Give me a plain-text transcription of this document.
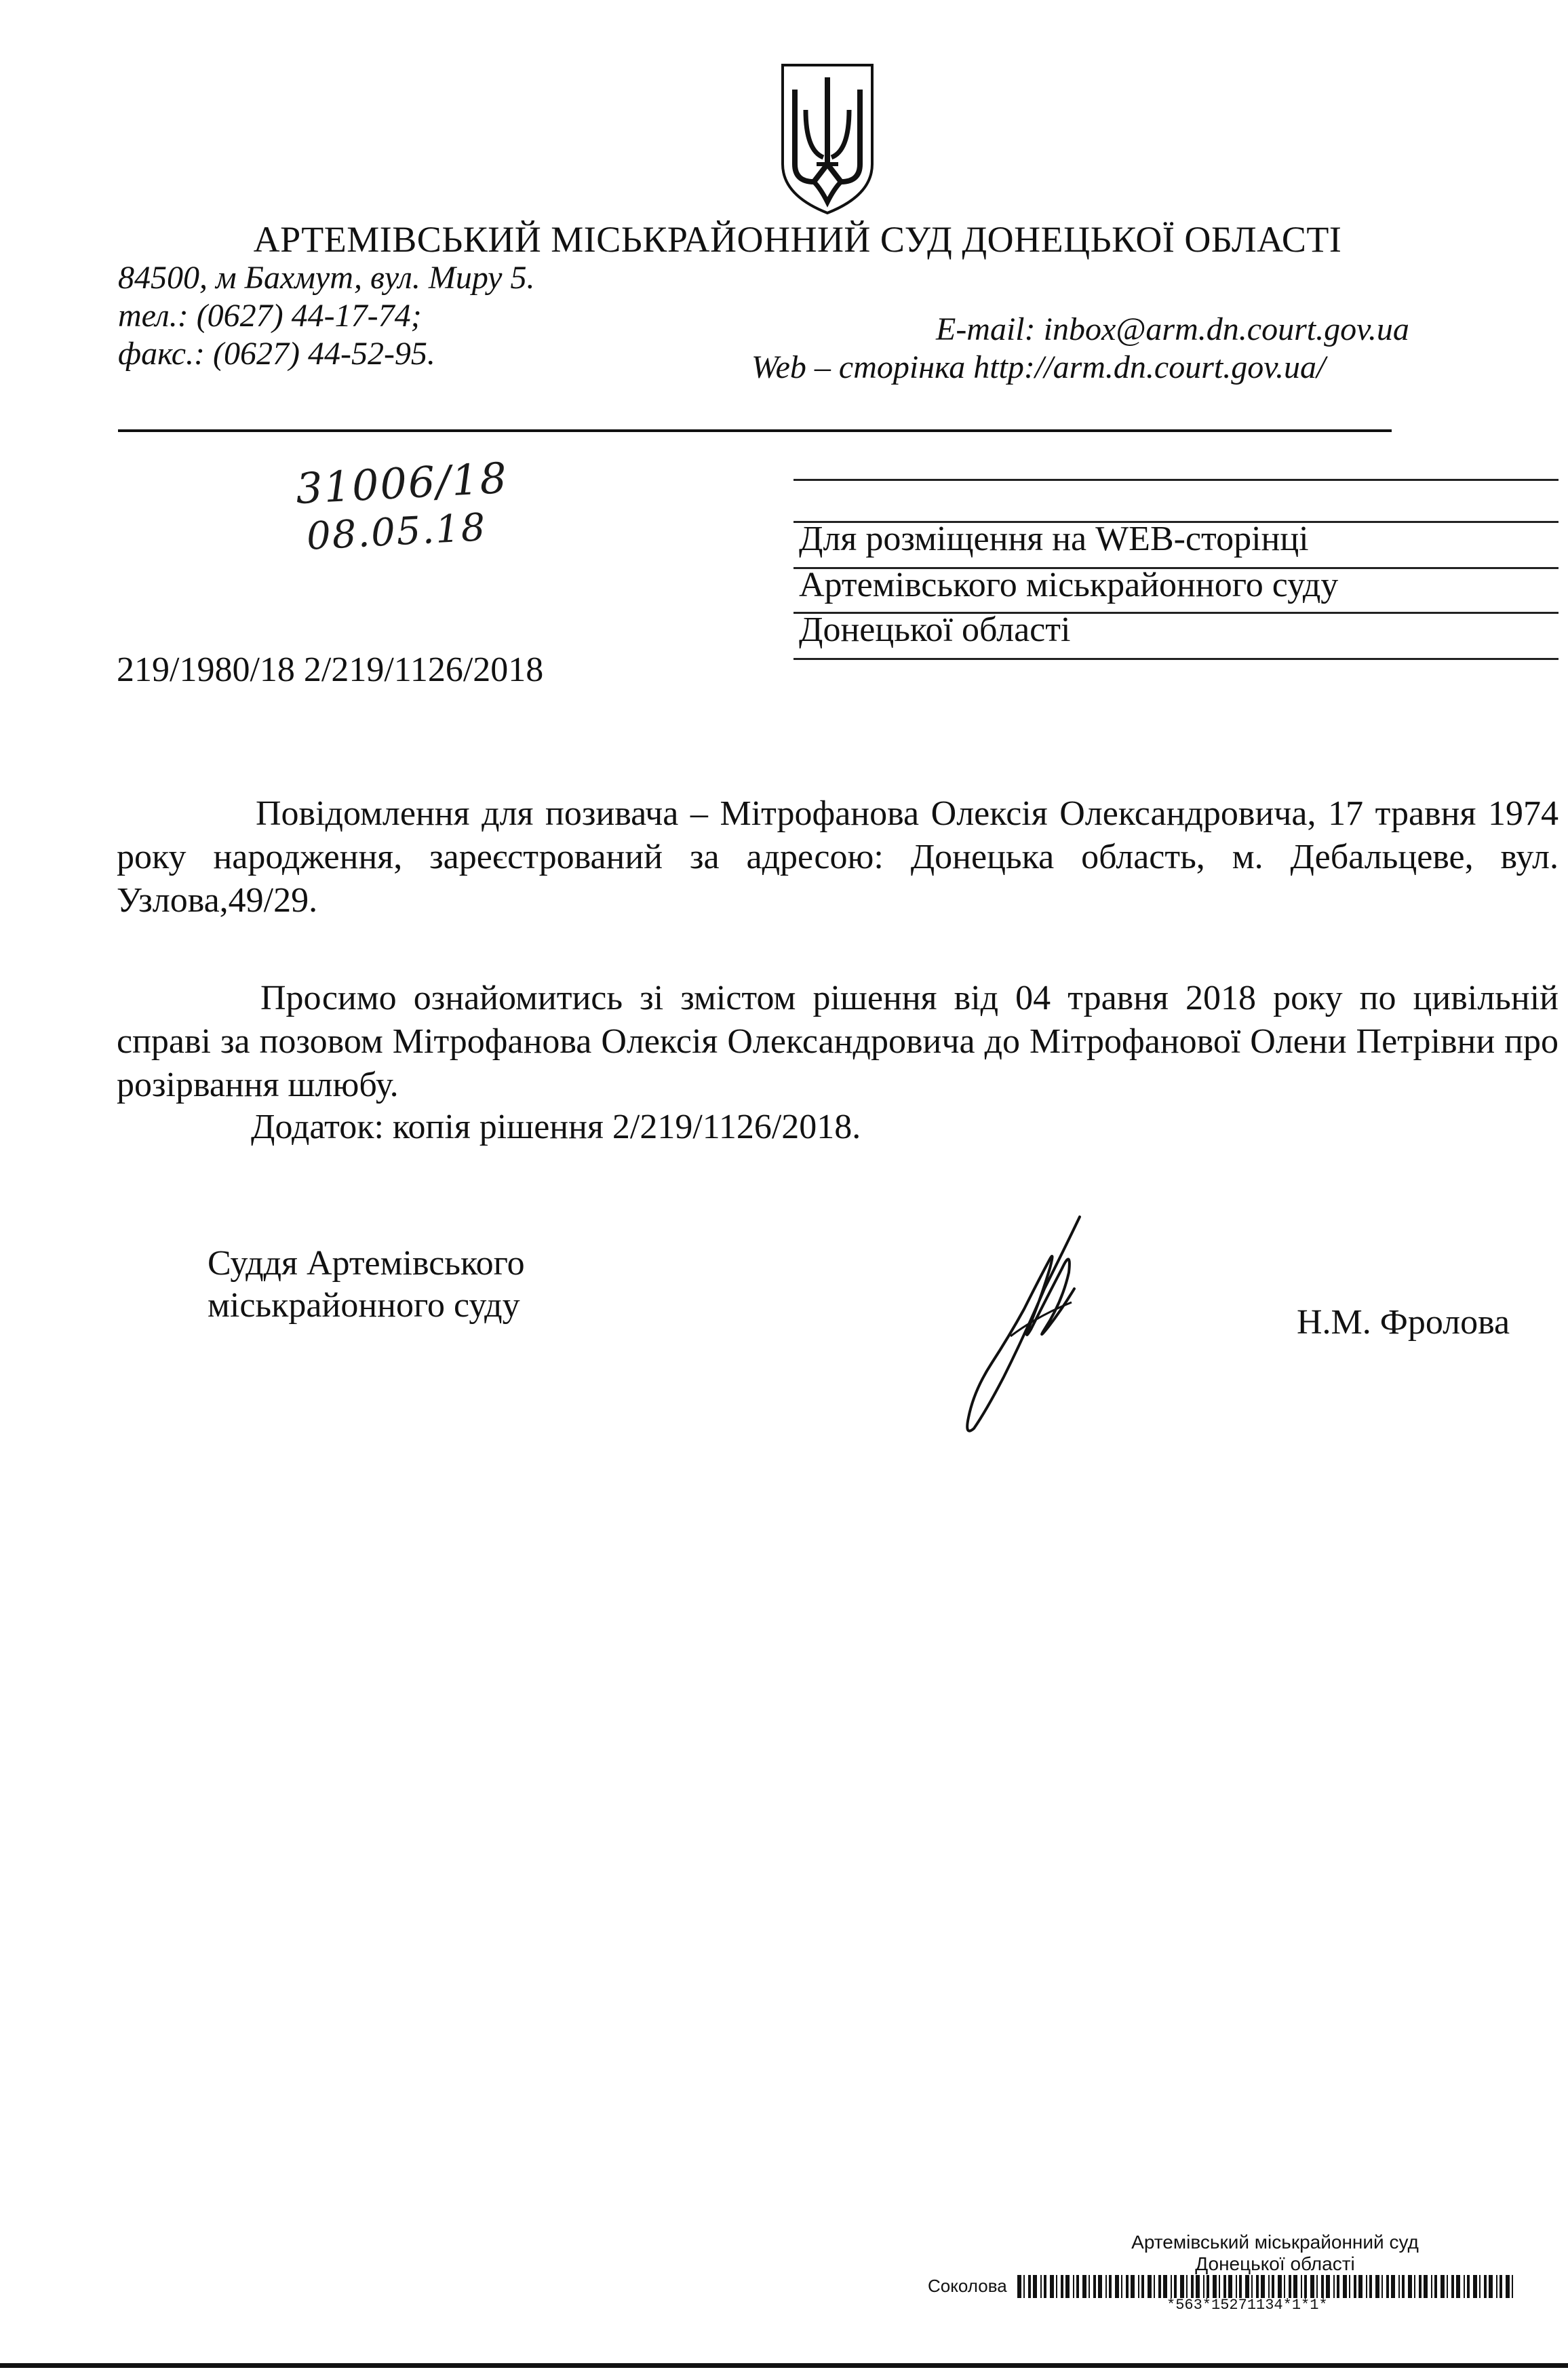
АРТЕМІВСЬКИЙ МІСЬКРАЙОННИЙ СУД ДОНЕЦЬКОЇ ОБЛАСТІ
84500, м Бахмут, вул. Миру 5.
тел.: (0627) 44-17-74;
факс.: (0627) 44-52-95.
E-mail: inbox@arm.dn.court.gov.ua
Web – сторінка http://arm.dn.court.gov.ua/
31006/18
08.05.18	Для розміщення на WEB-сторінці
Артемівського міськрайонного суду
Донецької області
219/1980/18 2/219/1126/2018
Повідомлення для позивача – Мітрофанова Олексія Олександровича, 17 травня 1974 року народження, зареєстрований за адресою: Донецька область, м. Дебальцеве, вул. Узлова,49/29.
Просимо ознайомитись зі змістом рішення від 04 травня 2018 року по цивільній справі за позовом Мітрофанова Олексія Олександровича до Мітрофанової Олени Петрівни про розірвання шлюбу.
Додаток: копія рішення 2/219/1126/2018.
Суддя Артемівського
міськрайонного суду	Н.М. Фролова
Артемівський міськрайонний суд
Донецької області
Соколова
*563*15271134*1*1*
